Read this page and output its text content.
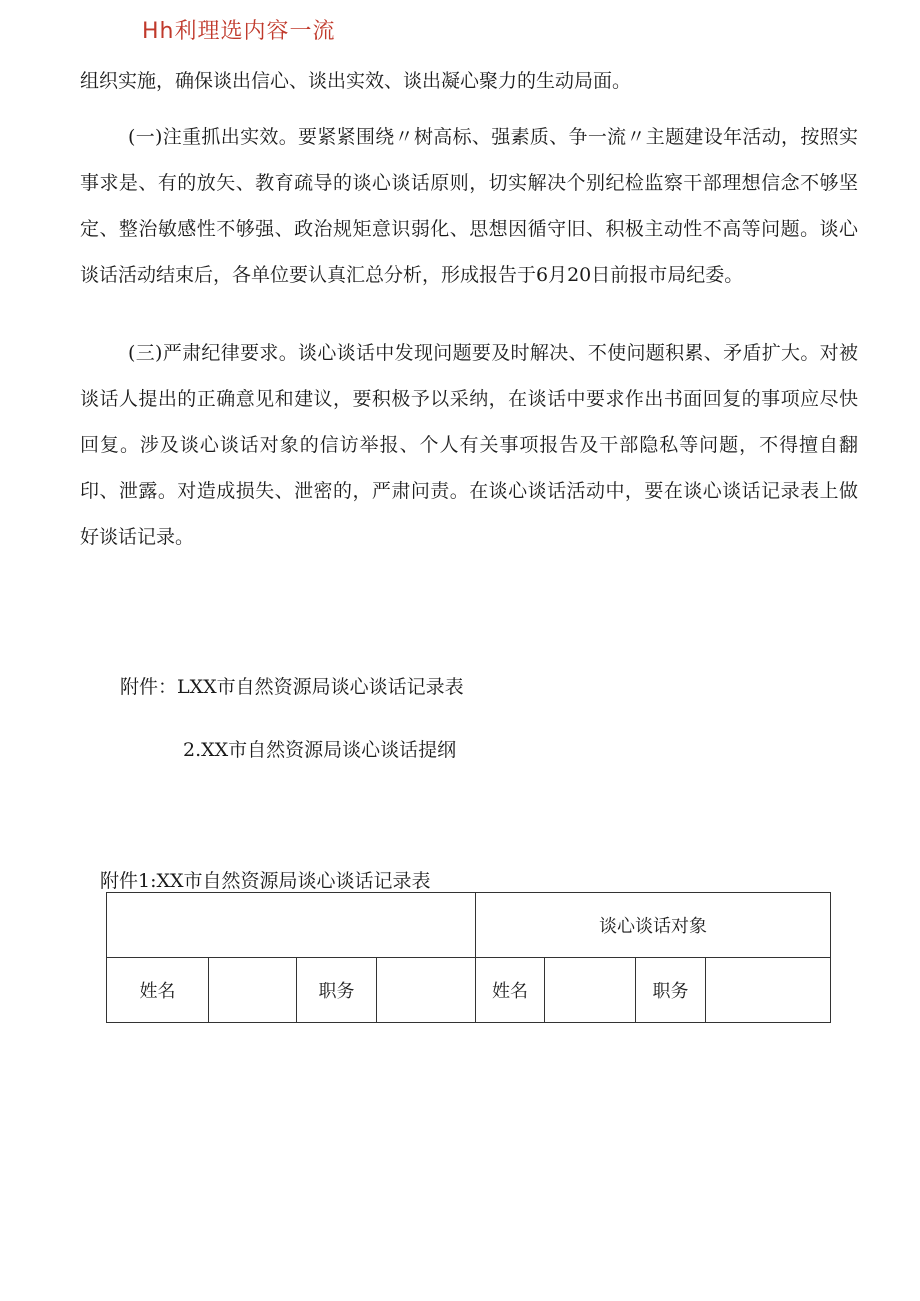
Hh利理选内容一流

组织实施，确保谈出信心、谈出实效、谈出凝心聚力的生动局面。

(一)注重抓出实效。要紧紧围绕〃树高标、强素质、争一流〃主题建设年活动，按照实事求是、有的放矢、教育疏导的谈心谈话原则，切实解决个别纪检监察干部理想信念不够坚定、整治敏感性不够强、政治规矩意识弱化、思想因循守旧、积极主动性不高等问题。谈心谈话活动结束后，各单位要认真汇总分析，形成报告于6月20日前报市局纪委。

(三)严肃纪律要求。谈心谈话中发现问题要及时解决、不使问题积累、矛盾扩大。对被谈话人提出的正确意见和建议，要积极予以采纳，在谈话中要求作出书面回复的事项应尽快回复。涉及谈心谈话对象的信访举报、个人有关事项报告及干部隐私等问题，不得擅自翻印、泄露。对造成损失、泄密的，严肃问责。在谈心谈话活动中，要在谈心谈话记录表上做好谈话记录。

附件：LXX市自然资源局谈心谈话记录表
2.XX市自然资源局谈心谈话提纲
附件1:XX市自然资源局谈心谈话记录表
				谈心谈话对象			
姓名		职务		姓名		职务	
